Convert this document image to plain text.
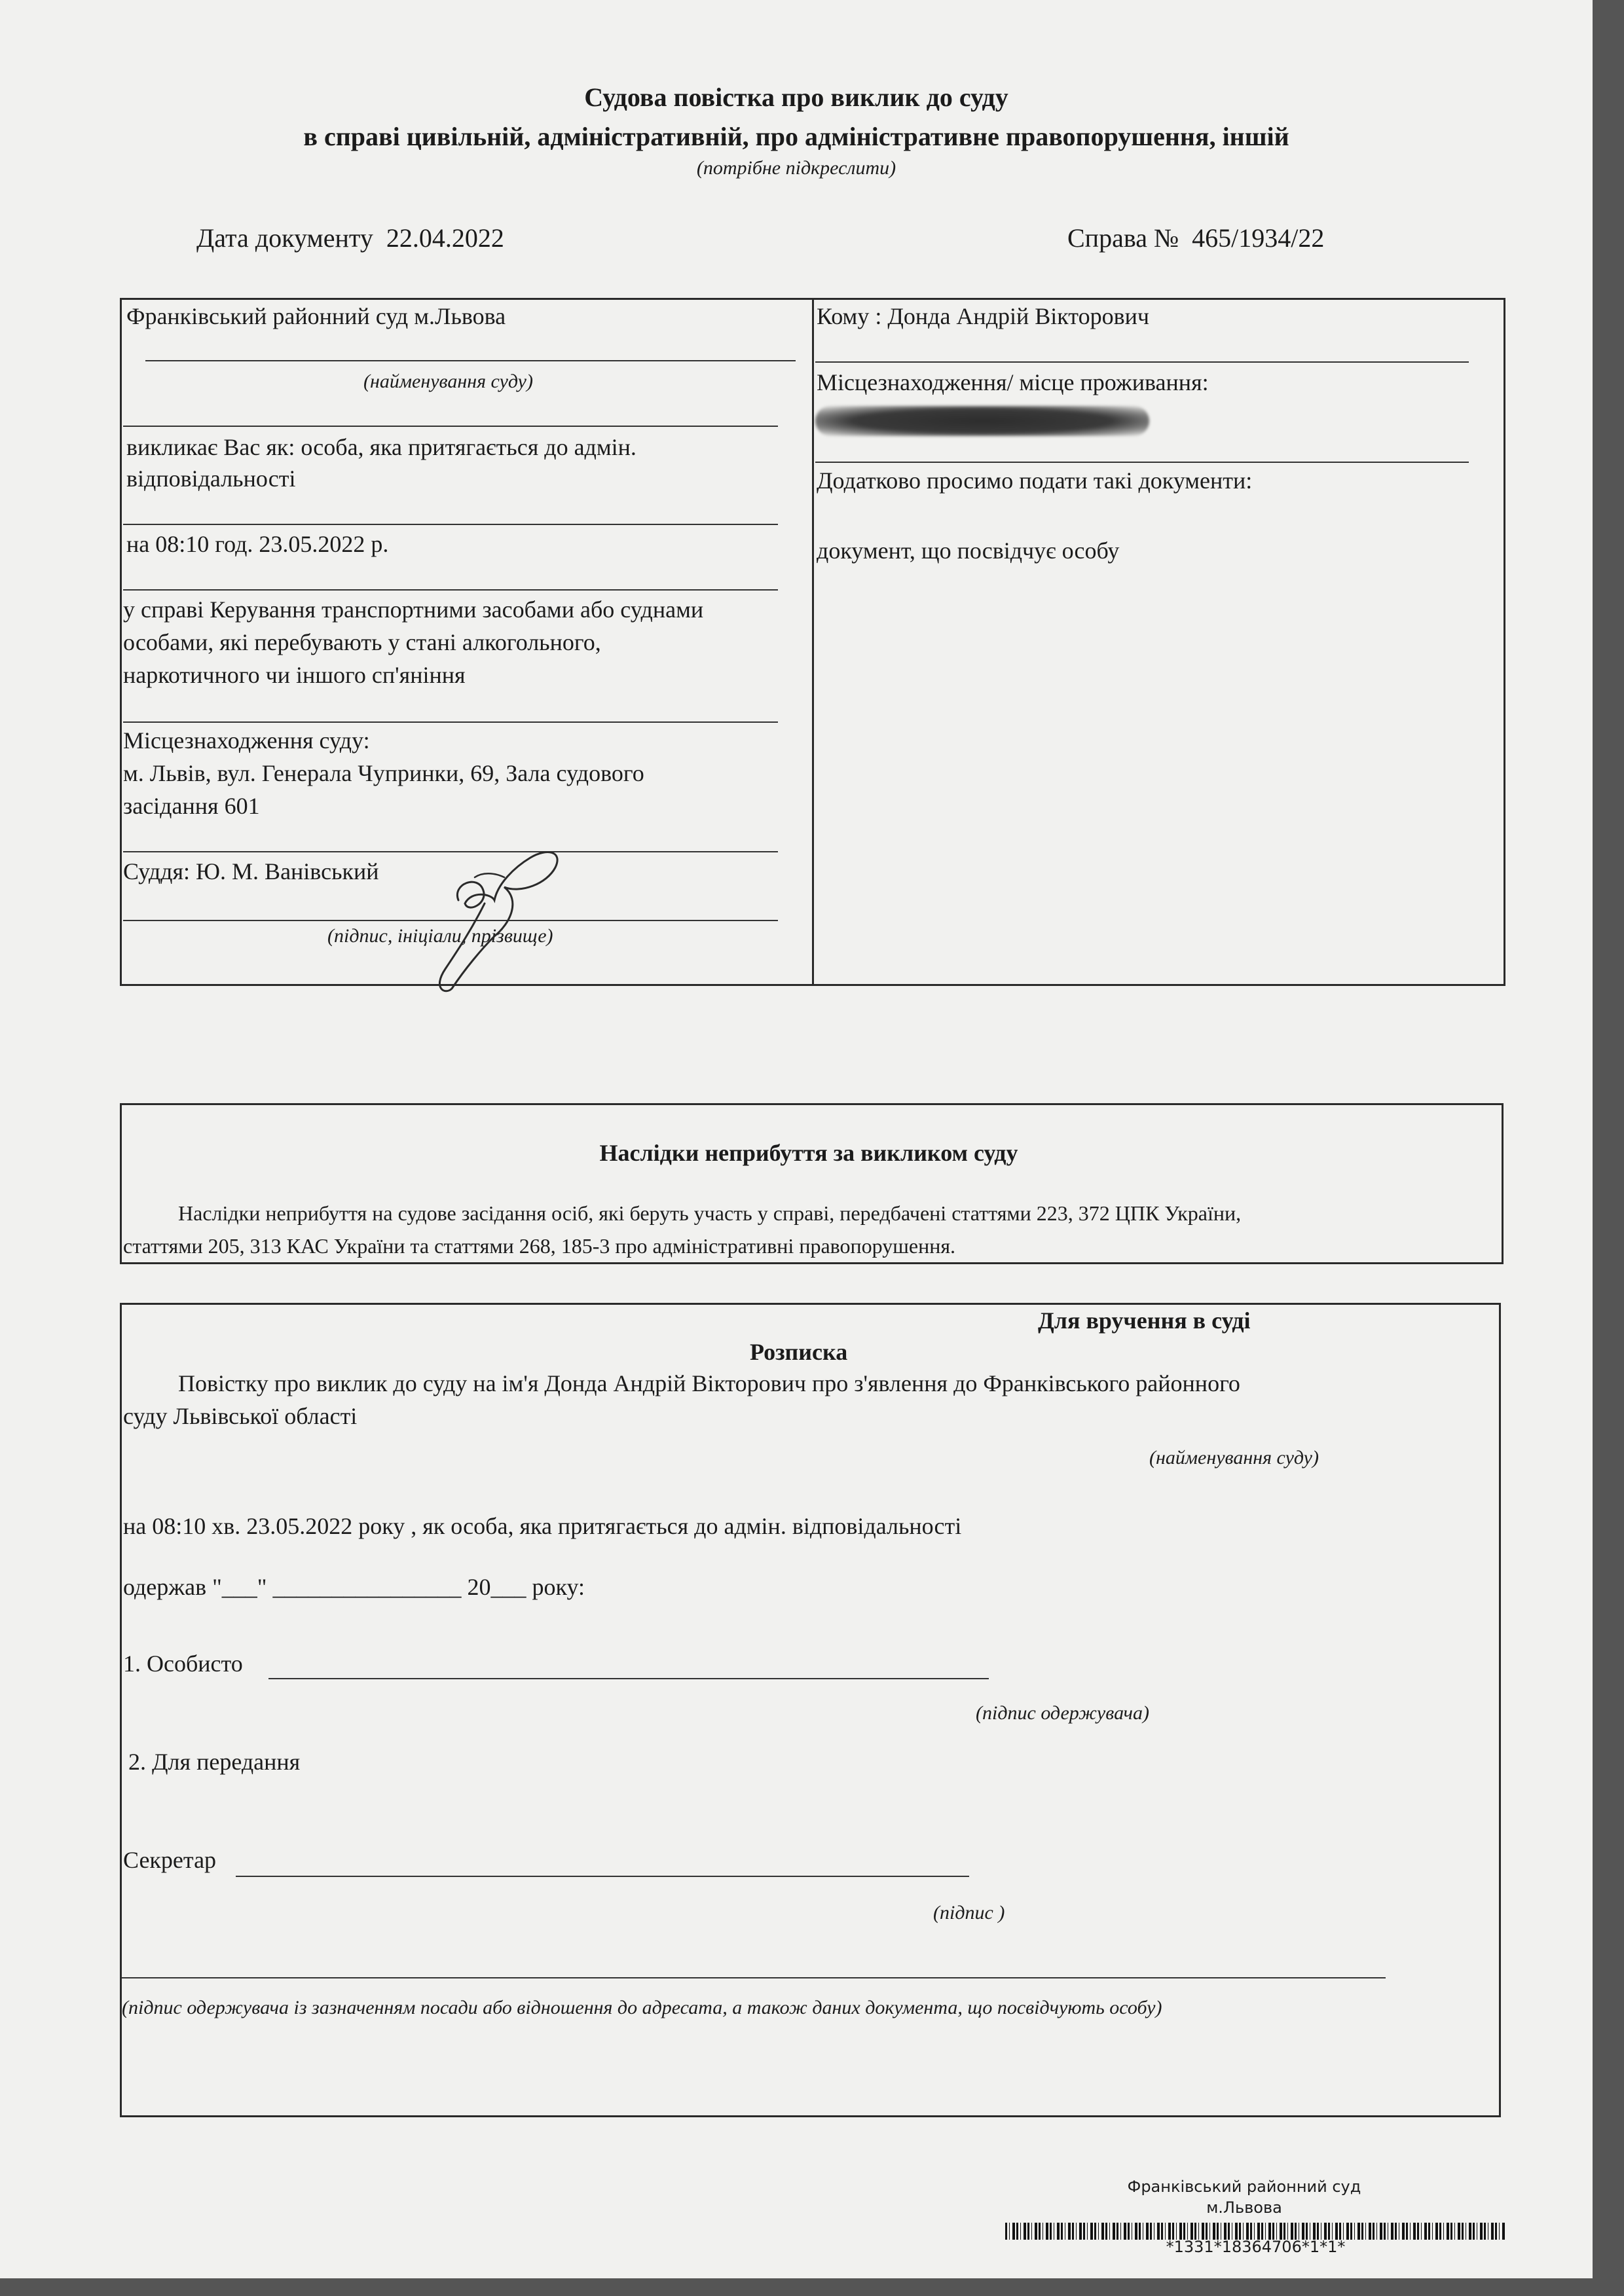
Судова повістка про виклик до суду
в справі цивільній, адміністративній, про адміністративне правопорушення, іншій
(потрібне підкреслити)
Дата документу 22.04.2022	Справа № 465/1934/22
Франківський районний суд м.Львова
(найменування суду)
викликає Вас як: особа, яка притягається до адмін.
відповідальності
на 08:10 год. 23.05.2022 р.
у справі Керування транспортними засобами або суднами
особами, які перебувають у стані алкогольного,
наркотичного чи іншого сп'яніння
Місцезнаходження суду:
м. Львів, вул. Генерала Чупринки, 69, Зала судового
засідання 601
Суддя: Ю. М. Ванівський
(підпис, ініціали, прізвище)
Кому : Донда Андрій Вікторович
Місцезнаходження/ місце проживання:
Додатково просимо подати такі документи:
документ, що посвідчує особу
Наслідки неприбуття за викликом суду
Наслідки неприбуття на судове засідання осіб, які беруть участь у справі, передбачені статтями 223, 372 ЦПК України,
статтями 205, 313 КАС України та статтями 268, 185-3 про адміністративні правопорушення.
Для вручення в суді
Розписка
Повістку про виклик до суду на ім'я Донда Андрій Вікторович про з'явлення до Франківського районного
суду Львівської області
(найменування суду)
на 08:10 хв. 23.05.2022 року , як особа, яка притягається до адмін. відповідальності
одержав "___" ________________ 20___ року:
1. Особисто
(підпис одержувача)
2. Для передання
Секретар
(підпис )
(підпис одержувача із зазначенням посади або відношення до адресата, а також даних документа, що посвідчують особу)
Франківський районний суд
м.Львова
*1331*18364706*1*1*
